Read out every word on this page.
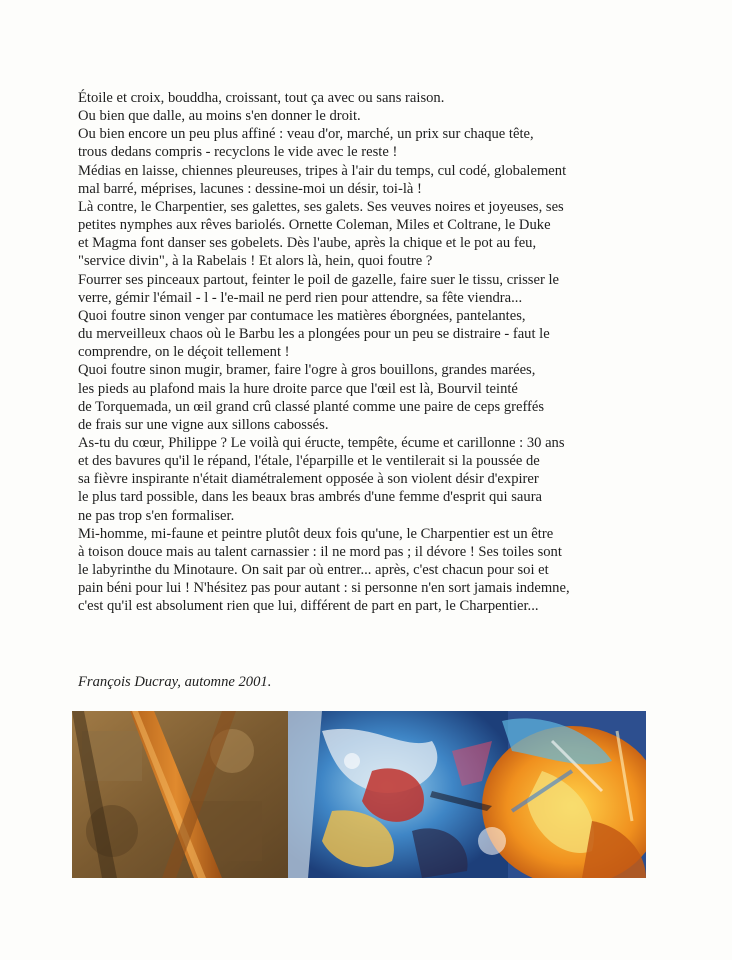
Étoile et croix, bouddha, croissant, tout ça avec ou sans raison.
Ou bien que dalle, au moins s'en donner le droit.
Ou bien encore un peu plus affiné : veau d'or, marché, un prix sur chaque tête,
trous dedans compris - recyclons le vide avec le reste !
Médias en laisse, chiennes pleureuses, tripes à l'air du temps, cul codé, globalement
mal barré, méprises, lacunes : dessine-moi un désir, toi-là !
Là contre, le Charpentier, ses galettes, ses galets. Ses veuves noires et joyeuses, ses
petites nymphes aux rêves bariolés. Ornette Coleman, Miles et Coltrane, le Duke
et Magma font danser ses gobelets. Dès l'aube, après la chique et le pot au feu,
"service divin", à la Rabelais ! Et alors là, hein, quoi foutre ?
Fourrer ses pinceaux partout, feinter le poil de gazelle, faire suer le tissu, crisser le
verre, gémir l'émail - l - l'e-mail ne perd rien pour attendre, sa fête viendra...
Quoi foutre sinon venger par contumace les matières éborgnées, pantelantes,
du merveilleux chaos où le Barbu les a plongées pour un peu se distraire - faut le
comprendre, on le déçoit tellement !
Quoi foutre sinon mugir, bramer, faire l'ogre à gros bouillons, grandes marées,
les pieds au plafond mais la hure droite parce que l'œil est là, Bourvil teinté
de Torquemada, un œil grand crû classé planté comme une paire de ceps greffés
de frais sur une vigne aux sillons cabossés.
As-tu du cœur, Philippe ? Le voilà qui éructe, tempête, écume et carillonne : 30 ans
et des bavures qu'il le répand, l'étale, l'éparpille et le ventilerait si la poussée de
sa fièvre inspirante n'était diamétralement opposée à son violent désir d'expirer
le plus tard possible, dans les beaux bras ambrés d'une femme d'esprit qui saura
ne pas trop s'en formaliser.
Mi-homme, mi-faune et peintre plutôt deux fois qu'une, le Charpentier est un être
à toison douce mais au talent carnassier : il ne mord pas ; il dévore ! Ses toiles sont
le labyrinthe du Minotaure. On sait par où entrer... après, c'est chacun pour soi et
pain béni pour lui ! N'hésitez pas pour autant : si personne n'en sort jamais indemne,
c'est qu'il est absolument rien que lui, différent de part en part, le Charpentier...
François Ducray, automne 2001.
